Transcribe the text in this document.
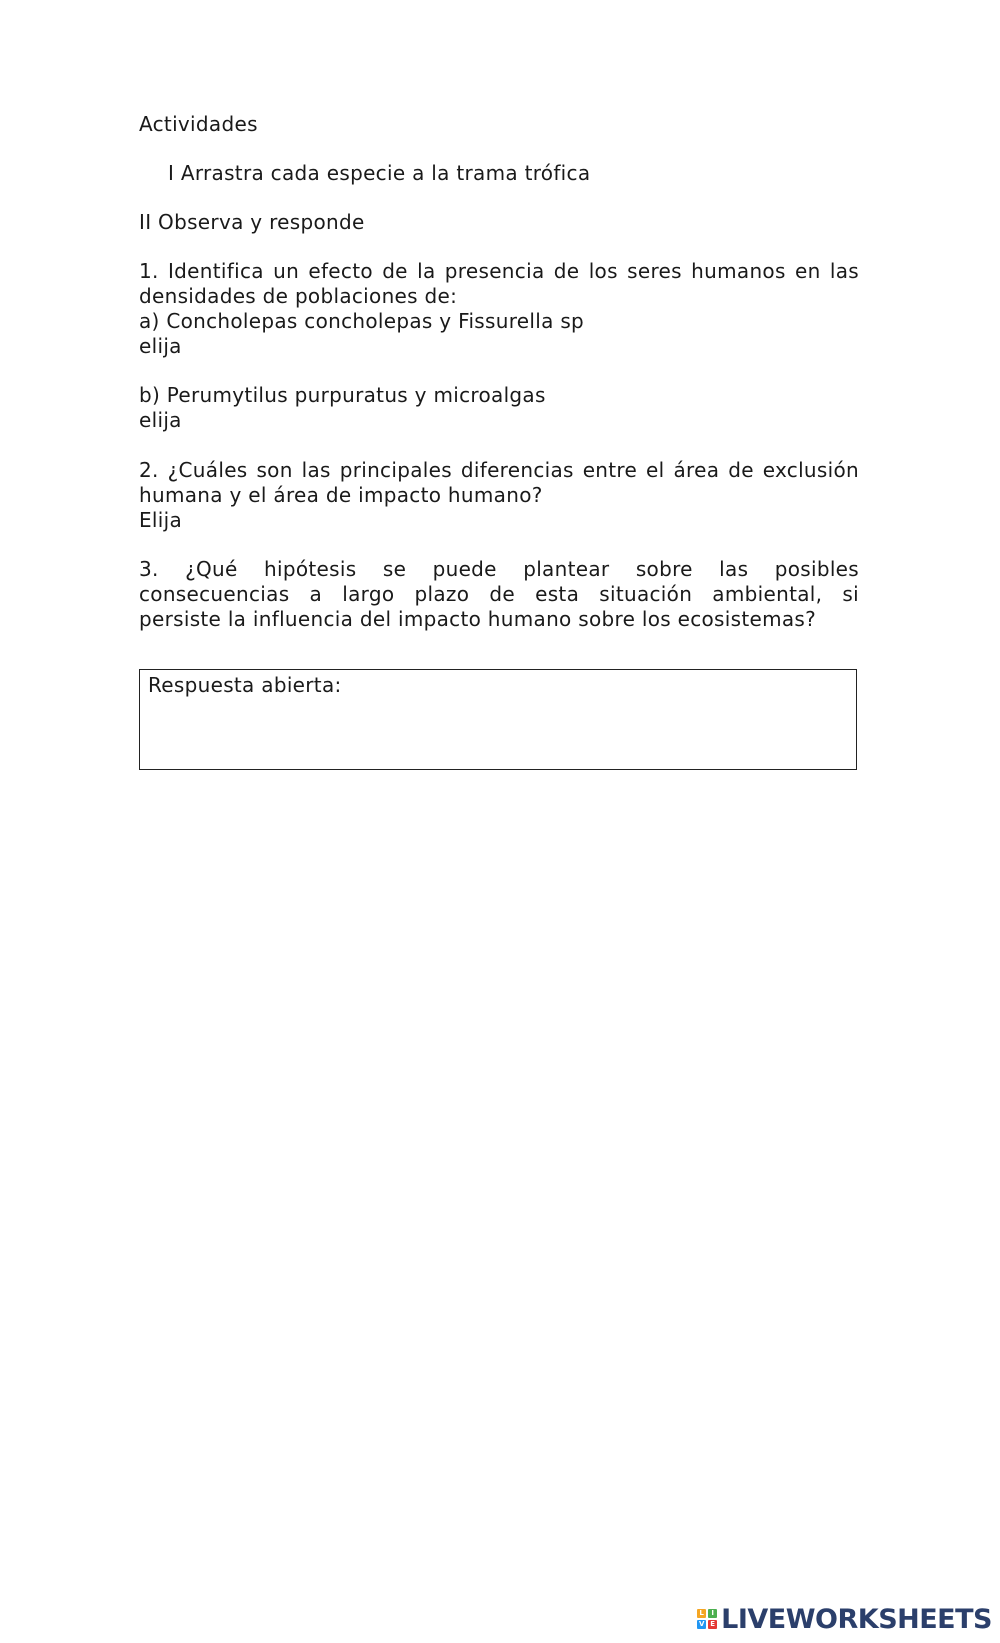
Actividades
I Arrastra cada especie a la trama trófica
II Observa y responde
1. Identifica un efecto de la presencia de los seres humanos en las
densidades de poblaciones de:
a) Concholepas concholepas y Fissurella sp
elija
b) Perumytilus purpuratus y microalgas
elija
2. ¿Cuáles son las principales diferencias entre el área de exclusión
humana y el área de impacto humano?
Elija
3. ¿Qué hipótesis se puede plantear sobre las posibles
consecuencias a largo plazo de esta situación ambiental, si
persiste la influencia del impacto humano sobre los ecosistemas?
Respuesta abierta:
L	I
V E LIVEWORKSHEETS
